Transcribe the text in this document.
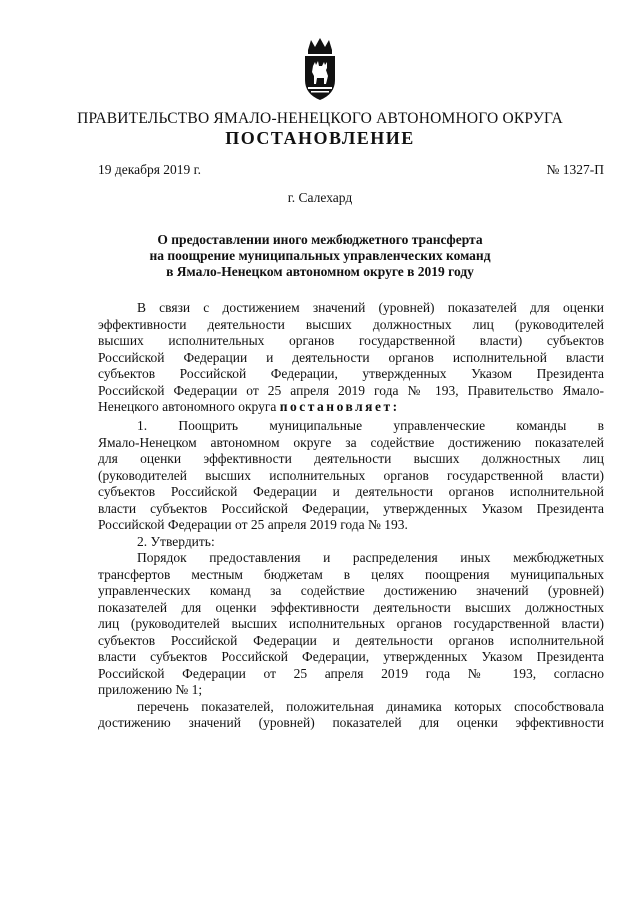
ПРАВИТЕЛЬСТВО ЯМАЛО-НЕНЕЦКОГО АВТОНОМНОГО ОКРУГА
ПОСТАНОВЛЕНИЕ
19 декабря 2019 г.	№ 1327-П
г. Салехард
О предоставлении иного межбюджетного трансферта
на поощрение муниципальных управленческих команд
в Ямало-Ненецком автономном округе в 2019 году
В связи с достижением значений (уровней) показателей для оценки
эффективности деятельности высших должностных лиц (руководителей
высших исполнительных органов государственной власти) субъектов
Российской Федерации и деятельности органов исполнительной власти
субъектов Российской Федерации, утвержденных Указом Президента
Российской Федерации от 25 апреля 2019 года № 193, Правительство Ямало-
Ненецкого автономного округа постановляет:
1. Поощрить муниципальные управленческие команды в
Ямало-Ненецком автономном округе за содействие достижению показателей
для оценки эффективности деятельности высших должностных лиц
(руководителей высших исполнительных органов государственной власти)
субъектов Российской Федерации и деятельности органов исполнительной
власти субъектов Российской Федерации, утвержденных Указом Президента
Российской Федерации от 25 апреля 2019 года № 193.
2. Утвердить:
Порядок предоставления и распределения иных межбюджетных
трансфертов местным бюджетам в целях поощрения муниципальных
управленческих команд за содействие достижению значений (уровней)
показателей для оценки эффективности деятельности высших должностных
лиц (руководителей высших исполнительных органов государственной власти)
субъектов Российской Федерации и деятельности органов исполнительной
власти субъектов Российской Федерации, утвержденных Указом Президента
Российской Федерации от 25 апреля 2019 года № 193, согласно
приложению № 1;
перечень показателей, положительная динамика которых способствовала
достижению значений (уровней) показателей для оценки эффективности
